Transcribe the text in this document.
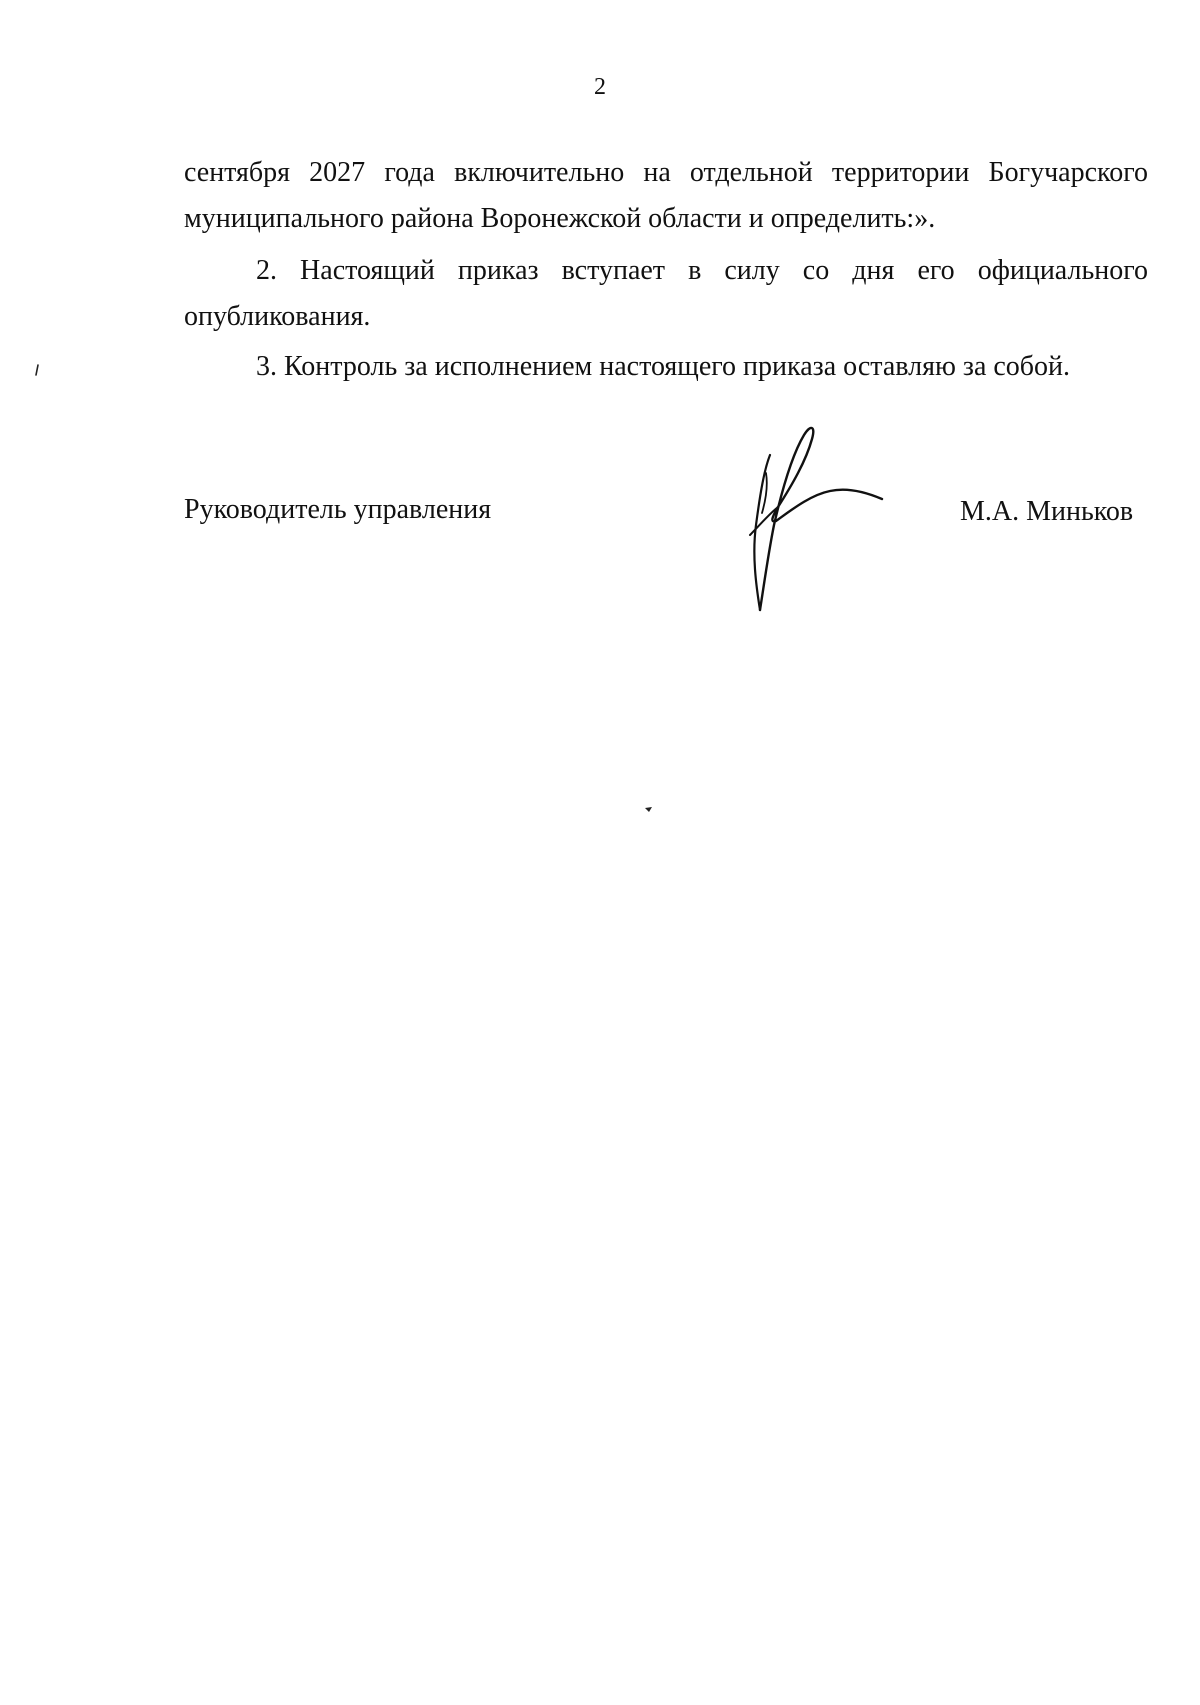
2
сентября 2027 года включительно на отдельной территории Богучарского
муниципального района Воронежской области и определить:».
2. Настоящий приказ вступает в силу со дня его официального
опубликования.
3. Контроль за исполнением настоящего приказа оставляю за собой.
Руководитель управления	М.А. Миньков
